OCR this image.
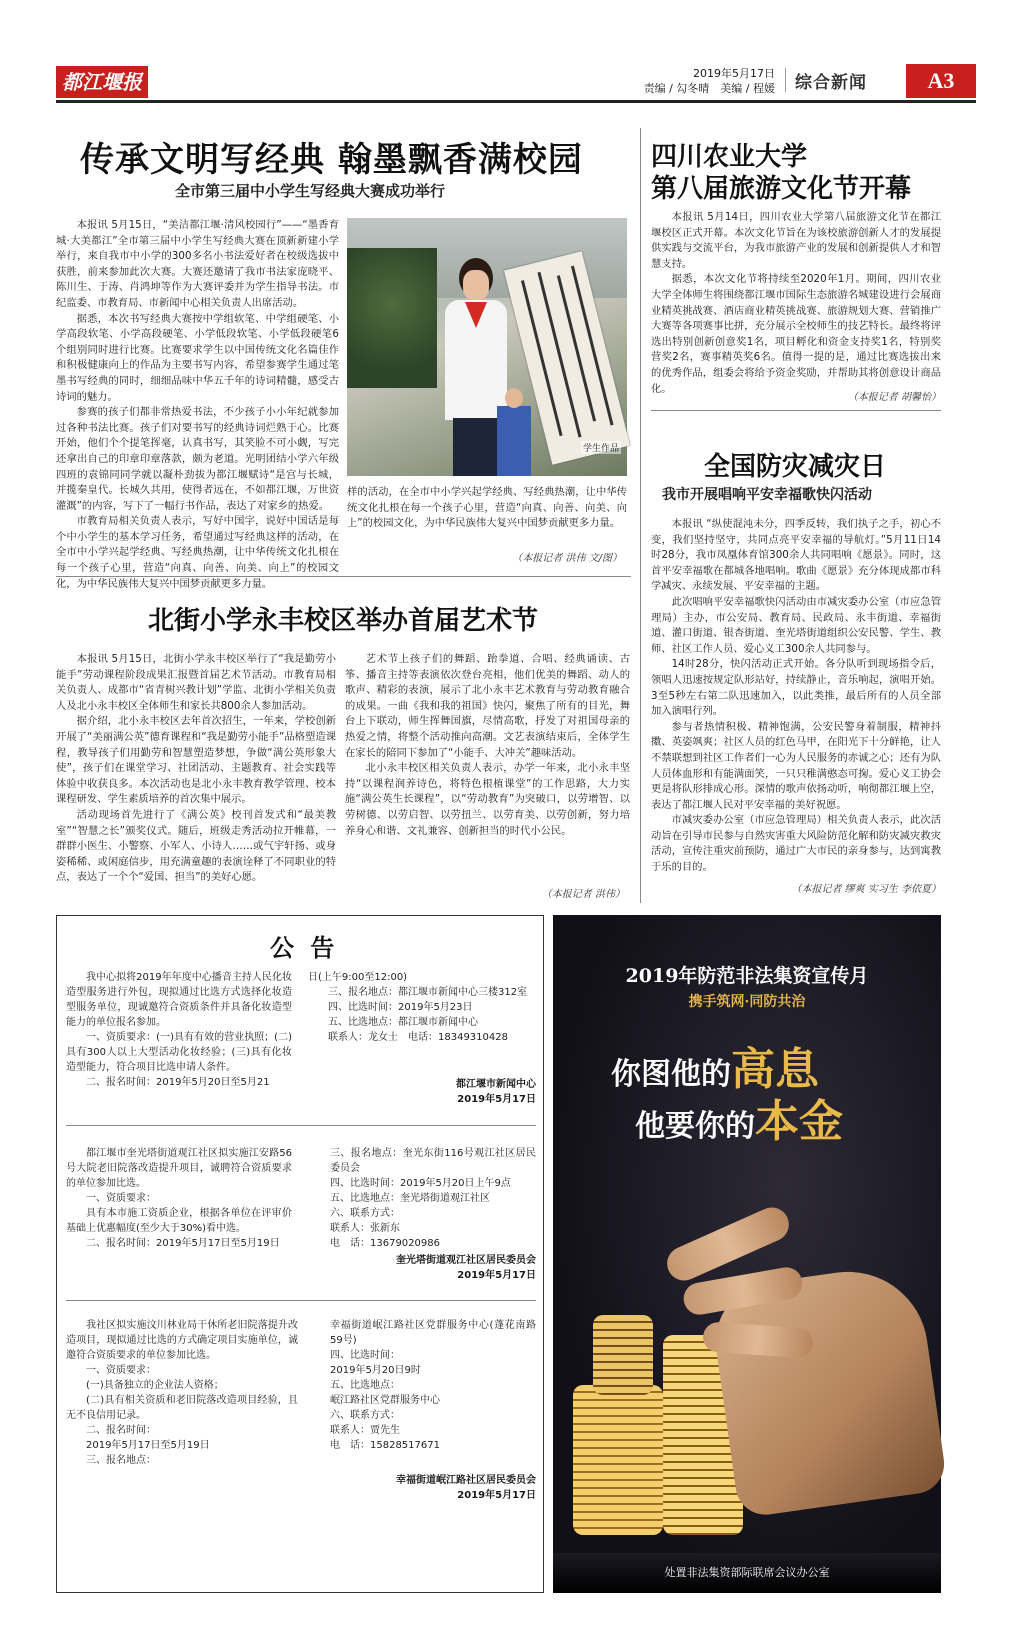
都江堰报	2019年5月17日
责编 / 勾冬晴　美编 / 程媛 综合新闻	A3
传承文明写经典 翰墨飘香满校园
全市第三届中小学生写经典大赛成功举行

本报讯 5月15日，“美洁都江堰·清风校园行”——“墨香育城·大美都江”全市第三届中小学生写经典大赛在顶新新建小学举行，来自我市中小学的300多名小书法爱好者在校级选拔中获胜，前来参加此次大赛。大赛还邀请了我市书法家庞晓平、陈川生、于涛、肖鸿坤等作为大赛评委并为学生指导书法。市纪监委、市教育局、市新闻中心相关负责人出席活动。

据悉，本次书写经典大赛按中学组软笔、中学组硬笔、小学高段软笔、小学高段硬笔、小学低段软笔、小学低段硬笔6个组别同时进行比赛。比赛要求学生以中国传统文化名篇佳作和积极健康向上的作品为主要书写内容，希望参赛学生通过笔墨书写经典的同时，细细品味中华五千年的诗词精髓，感受古诗词的魅力。

参赛的孩子们都非常热爱书法，不少孩子小小年纪就参加过各种书法比赛。孩子们对要书写的经典诗词烂熟于心。比赛开始，他们个个提笔挥毫，认真书写，其笑脸不可小觑，写完还拿出自己的印章印章落款，颇为老道。光明团结小学六年级四班的袁锦同同学就以凝朴劲拔为都江堰赋诗“是宫与长城，并揽秦皇代。长城久共用，使得者远在，不如都江堰，万世资灌溉”的内容，写下了一幅行书作品，表达了对家乡的热爱。

市教育局相关负责人表示，写好中国字，说好中国话是每个中小学生的基本学习任务，希望通过写经典这样的活动，在全市中小学兴起学经典、写经典热潮，让中华传统文化扎根在每一个孩子心里，营造“向真、向善、向美、向上”的校园文化，为中华民族伟大复兴中国梦贡献更多力量。

学生作品

样的活动，在全市中小学兴起学经典、写经典热潮，让中华传统文化扎根在每一个孩子心里，营造“向真、向善、向美、向上”的校园文化，为中华民族伟大复兴中国梦贡献更多力量。

（本报记者 洪伟 文/图）
四川农业大学
第八届旅游文化节开幕

本报讯 5月14日，四川农业大学第八届旅游文化节在都江堰校区正式开幕。本次文化节旨在为该校旅游创新人才的发展提供实践与交流平台，为我市旅游产业的发展和创新提供人才和智慧支持。

据悉，本次文化节将持续至2020年1月。期间，四川农业大学全体师生将围绕都江堰市国际生态旅游名城建设进行会展商业精英挑战赛、酒店商业精英挑战赛、旅游规划大赛、营销推广大赛等各项赛事比拼，充分展示全校师生的技艺特长。最终将评选出特别创新创意奖1名，项目孵化和资金支持奖1名，特别奖营奖2名，赛事精英奖6名。值得一提的是，通过比赛选拔出来的优秀作品，组委会将给予资金奖励，并帮助其将创意设计商品化。

（本报记者 胡馨怡）
全国防灾减灾日
我市开展唱响平安幸福歌快闪活动

本报讯 “纵使混沌未分，四季反转，我们执子之手，初心不变，我们坚持坚守，共同点亮平安幸福的导航灯。”5月11日14时28分，我市凤凰体育馆300余人共同唱响《愿景》。同时，这首平安幸福歌在都城各地唱响。歌曲《愿景》充分体现成都市科学减灾、永续发展、平安幸福的主题。

此次唱响平安幸福歌快闪活动由市减灾委办公室（市应急管理局）主办，市公安局、教育局、民政局、永丰街道、幸福街道、灌口街道、银杏街道、奎光塔街道组织公安民警、学生、教师、社区工作人员、爱心义工300余人共同参与。

14时28分，快闪活动正式开始。各分队听到现场指令后，领唱人迅速按规定队形站好，持续静止，音乐响起，演唱开始。3至5秒左右第二队迅速加入，以此类推，最后所有的人员全部加入演唱行列。

参与者热情积极、精神饱满，公安民警身着制服，精神抖擞、英姿飒爽；社区人员的红色马甲，在阳光下十分鲜艳，让人不禁联想到社区工作者们一心为人民服务的赤诚之心；还有为队人员体血形和有能满面笑，一只只稚满憨态可掬。爱心义工协会更是将队形排成心形。深情的歌声依扬动听，响彻都江堰上空，表达了都江堰人民对平安幸福的美好祝愿。

市减灾委办公室（市应急管理局）相关负责人表示，此次活动旨在引导市民参与自然灾害重大风险防范化解和防灾减灾救灾活动，宣传注重灾前预防，通过广大市民的亲身参与，达到寓教于乐的目的。

（本报记者 缪爽 实习生 李依夏）
北街小学永丰校区举办首届艺术节

本报讯 5月15日，北街小学永丰校区举行了“我是勤劳小能手”劳动课程阶段成果汇报暨首届艺术节活动。市教育局相关负责人、成都市“省青树兴教计划”学监、北街小学相关负责人及北小永丰校区全体师生和家长共800余人参加活动。

据介绍，北小永丰校区去年首次招生，一年来，学校创新开展了“美丽满公英”德育课程和“我是勤劳小能手”品格塑造课程，教导孩子们用勤劳和智慧塑造梦想，争做“满公英形象大使”，孩子们在课堂学习、社团活动、主题教育、社会实践等体验中收获良多。本次活动也是北小永丰教育教学管理、校本课程研发、学生素质培养的首次集中展示。

活动现场首先进行了《满公英》校刊首发式和“最美教室”“智慧之长”颁奖仪式。随后，班级走秀活动拉开帷幕，一群群小医生、小警察、小军人、小诗人……或气宇轩扬、或身姿稀稀、或闲庭信步，用充满童趣的表演诠释了不同职业的特点，表达了一个个“爱国、担当”的美好心愿。

艺术节上孩子们的舞蹈、跆拳道、合唱、经典诵读、古筝、播音主持等表演依次登台亮相，他们优美的舞蹈、动人的歌声、精彩的表演，展示了北小永丰艺术教育与劳动教育融合的成果。一曲《我和我的祖国》快闪，聚焦了所有的目光，舞台上下联动，师生挥舞国旗，尽情高歌，抒发了对祖国母亲的热爱之情，将整个活动推向高潮。文艺表演结束后，全体学生在家长的陪同下参加了“小能手、大冲关”趣味活动。

北小永丰校区相关负责人表示，办学一年来，北小永丰坚持“以课程润养诗色，将特色根植课堂”的工作思路，大力实施“满公英生长课程”，以“劳动教育”为突破口，以劳增智、以劳树德、以劳启智、以劳扭兰、以劳育美、以劳创新，努力培养身心和谐、文礼兼容、创新担当的时代小公民。

（本报记者 洪伟）
公 告

我中心拟将2019年年度中心播音主持人民化妆造型服务进行外包，现拟通过比选方式选择化妆造型服务单位，现诚邀符合资质条件并具备化妆造型能力的单位报名参加。

一、资质要求：(一)具有有效的营业执照；(二)具有300人以上大型活动化妆经验；(三)具有化妆造型能力，符合项目比选申请人条件。

二、报名时间：2019年5月20日至5月21

日(上午9:00至12:00)

三、报名地点：都江堰市新闻中心三楼312室

四、比选时间：2019年5月23日

五、比选地点：都江堰市新闻中心

联系人：龙女士　电话：18349310428

都江堰市新闻中心
2019年5月17日

都江堰市奎光塔街道观江社区拟实施江安路56号大院老旧院落改造提升项目，诚聘符合资质要求的单位参加比选。

一、资质要求：

具有本市施工资质企业，根据各单位在评审价基础上优惠幅度(至少大于30%)看中选。

二、报名时间：2019年5月17日至5月19日

三、报名地点：奎光东街116号观江社区居民委员会
四、比选时间：2019年5月20日上午9点
五、比选地点：奎光塔街道观江社区
六、联系方式：
联系人：张新东
电　话：13679020986
奎光塔街道观江社区居民委员会
2019年5月17日

我社区拟实施汶川林业局干休所老旧院落提升改造项目，现拟通过比选的方式确定项目实施单位，诚邀符合资质要求的单位参加比选。

一、资质要求：

(一)具备独立的企业法人资格；

(二)具有相关资质和老旧院落改造项目经验，且无不良信用记录。

二、报名时间：

2019年5月17日至5月19日

三、报名地点：

幸福街道岷江路社区党群服务中心(蓬花南路59号)
四、比选时间：
2019年5月20日9时
五、比选地点：
岷江路社区党群服务中心
六、联系方式：
联系人：贾先生
电　话：15828517671
幸福街道岷江路社区居民委员会
2019年5月17日
2019年防范非法集资宣传月
携手筑网·同防共治
你图他的高息
他要你的本金
处置非法集资部际联席会议办公室
